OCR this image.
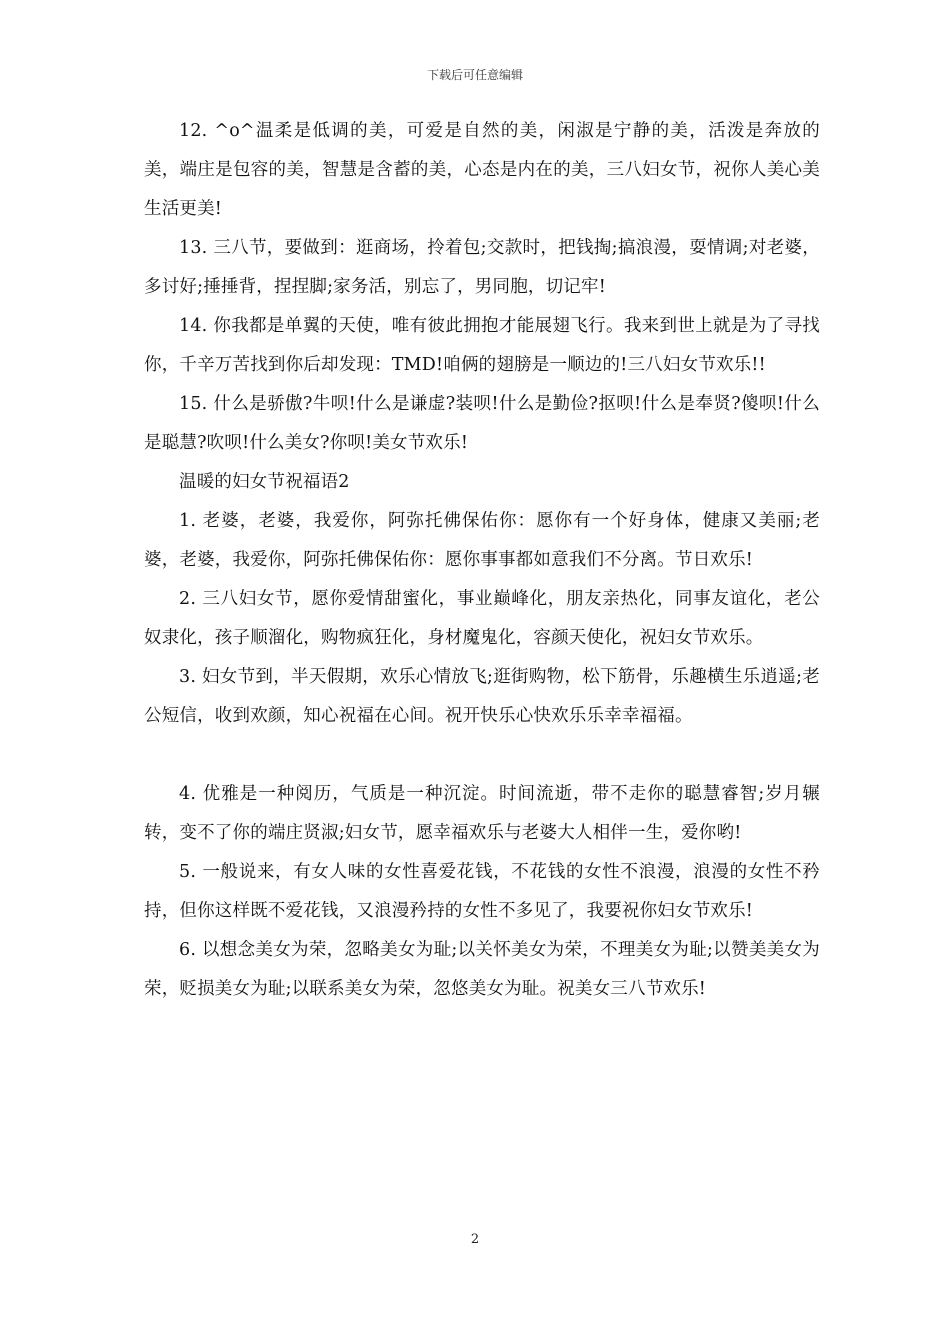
下载后可任意编辑

12. ^o^温柔是低调的美，可爱是自然的美，闲淑是宁静的美，活泼是奔放的美，端庄是包容的美，智慧是含蓄的美，心态是内在的美，三八妇女节，祝你人美心美生活更美!

13. 三八节，要做到：逛商场，拎着包;交款时，把钱掏;搞浪漫，耍情调;对老婆，多讨好;捶捶背，捏捏脚;家务活，别忘了，男同胞，切记牢!

14. 你我都是单翼的天使，唯有彼此拥抱才能展翅飞行。我来到世上就是为了寻找你，千辛万苦找到你后却发现：TMD!咱俩的翅膀是一顺边的!三八妇女节欢乐!!

15. 什么是骄傲?牛呗!什么是谦虚?装呗!什么是勤俭?抠呗!什么是奉贤?傻呗!什么是聪慧?吹呗!什么美女?你呗!美女节欢乐!

温暖的妇女节祝福语2

1. 老婆，老婆，我爱你，阿弥托佛保佑你：愿你有一个好身体，健康又美丽;老婆，老婆，我爱你，阿弥托佛保佑你：愿你事事都如意我们不分离。节日欢乐!

2. 三八妇女节，愿你爱情甜蜜化，事业巅峰化，朋友亲热化，同事友谊化，老公奴隶化，孩子顺溜化，购物疯狂化，身材魔鬼化，容颜天使化，祝妇女节欢乐。

3. 妇女节到，半天假期，欢乐心情放飞;逛街购物，松下筋骨，乐趣横生乐逍遥;老公短信，收到欢颜，知心祝福在心间。祝开快乐心快欢乐乐幸幸福福。

4. 优雅是一种阅历，气质是一种沉淀。时间流逝，带不走你的聪慧睿智;岁月辗转，变不了你的端庄贤淑;妇女节，愿幸福欢乐与老婆大人相伴一生，爱你哟!

5. 一般说来，有女人味的女性喜爱花钱，不花钱的女性不浪漫，浪漫的女性不矜持，但你这样既不爱花钱，又浪漫矜持的女性不多见了，我要祝你妇女节欢乐!

6. 以想念美女为荣，忽略美女为耻;以关怀美女为荣，不理美女为耻;以赞美美女为荣，贬损美女为耻;以联系美女为荣，忽悠美女为耻。祝美女三八节欢乐!

2
